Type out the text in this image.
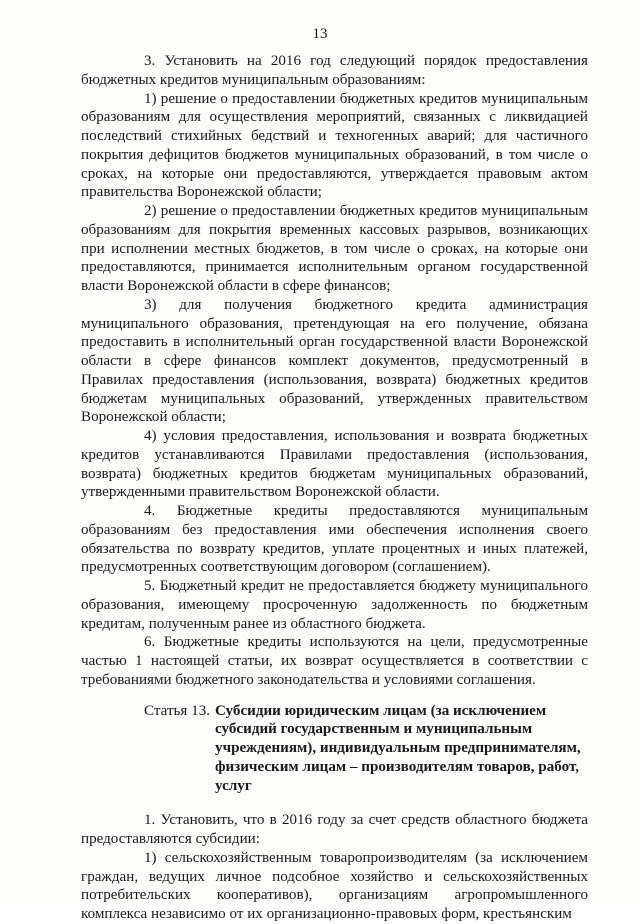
13

3. Установить на 2016 год следующий порядок предоставления бюджетных кредитов муниципальным образованиям:

1) решение о предоставлении бюджетных кредитов муниципальным образованиям для осуществления мероприятий, связанных с ликвидацией последствий стихийных бедствий и техногенных аварий; для частичного покрытия дефицитов бюджетов муниципальных образований, в том числе о сроках, на которые они предоставляются, утверждается правовым актом правительства Воронежской области;

2) решение о предоставлении бюджетных кредитов муниципальным образованиям для покрытия временных кассовых разрывов, возникающих при исполнении местных бюджетов, в том числе о сроках, на которые они предоставляются, принимается исполнительным органом государственной власти Воронежской области в сфере финансов;

3) для получения бюджетного кредита администрация муниципального образования, претендующая на его получение, обязана предоставить в исполнительный орган государственной власти Воронежской области в сфере финансов комплект документов, предусмотренный в Правилах предоставления (использования, возврата) бюджетных кредитов бюджетам муниципальных образований, утвержденных правительством Воронежской области;

4) условия предоставления, использования и возврата бюджетных кредитов устанавливаются Правилами предоставления (использования, возврата) бюджетных кредитов бюджетам муниципальных образований, утвержденными правительством Воронежской области.

4. Бюджетные кредиты предоставляются муниципальным образованиям без предоставления ими обеспечения исполнения своего обязательства по возврату кредитов, уплате процентных и иных платежей, предусмотренных соответствующим договором (соглашением).

5. Бюджетный кредит не предоставляется бюджету муниципального образования, имеющему просроченную задолженность по бюджетным кредитам, полученным ранее из областного бюджета.

6. Бюджетные кредиты используются на цели, предусмотренные частью 1 настоящей статьи, их возврат осуществляется в соответствии с требованиями бюджетного законодательства и условиями соглашения.

Статья 13. Субсидии юридическим лицам (за исключением субсидий государственным и муниципальным учреждениям), индивидуальным предпринимателям, физическим лицам – производителям товаров, работ, услуг

1. Установить, что в 2016 году за счет средств областного бюджета предоставляются субсидии:

1) сельскохозяйственным товаропроизводителям (за исключением граждан, ведущих личное подсобное хозяйство и сельскохозяйственных потребительских кооперативов), организациям агропромышленного комплекса независимо от их организационно-правовых форм, крестьянским
